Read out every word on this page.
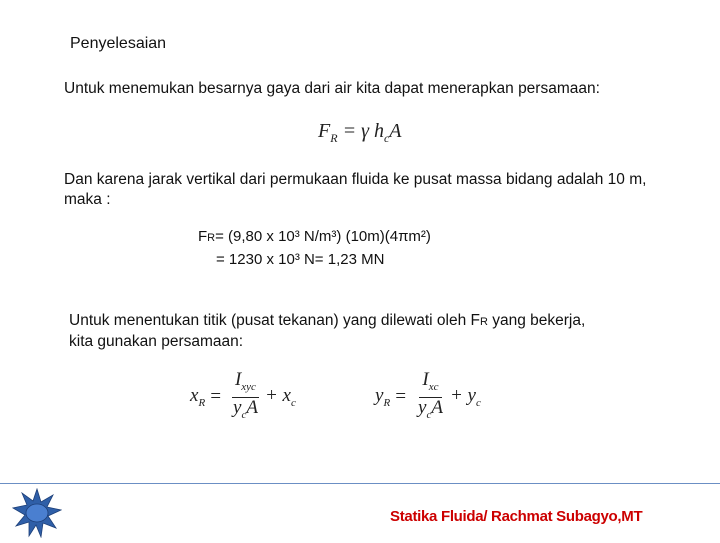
Penyelesaian
Untuk menemukan besarnya gaya dari air kita dapat menerapkan persamaan:
$F_R = \gamma$ $h_cA$
Dan karena jarak vertikal dari permukaan fluida ke pusat massa bidang adalah 10 m, maka :
FR= (9,80 x 10³ N/m³) (10m)(4πm²)
= 1230 x 10³ N= 1,23 MN
Untuk menentukan titik (pusat tekanan) yang dilewati oleh FR yang bekerja,
kita gunakan persamaan:
$x_R = \frac{I_{xyc}}{y_cA} + x_c$	$y_R = \frac{I_{xc}}{y_cA} + y_c$
Statika Fluida/ Rachmat Subagyo,MT
